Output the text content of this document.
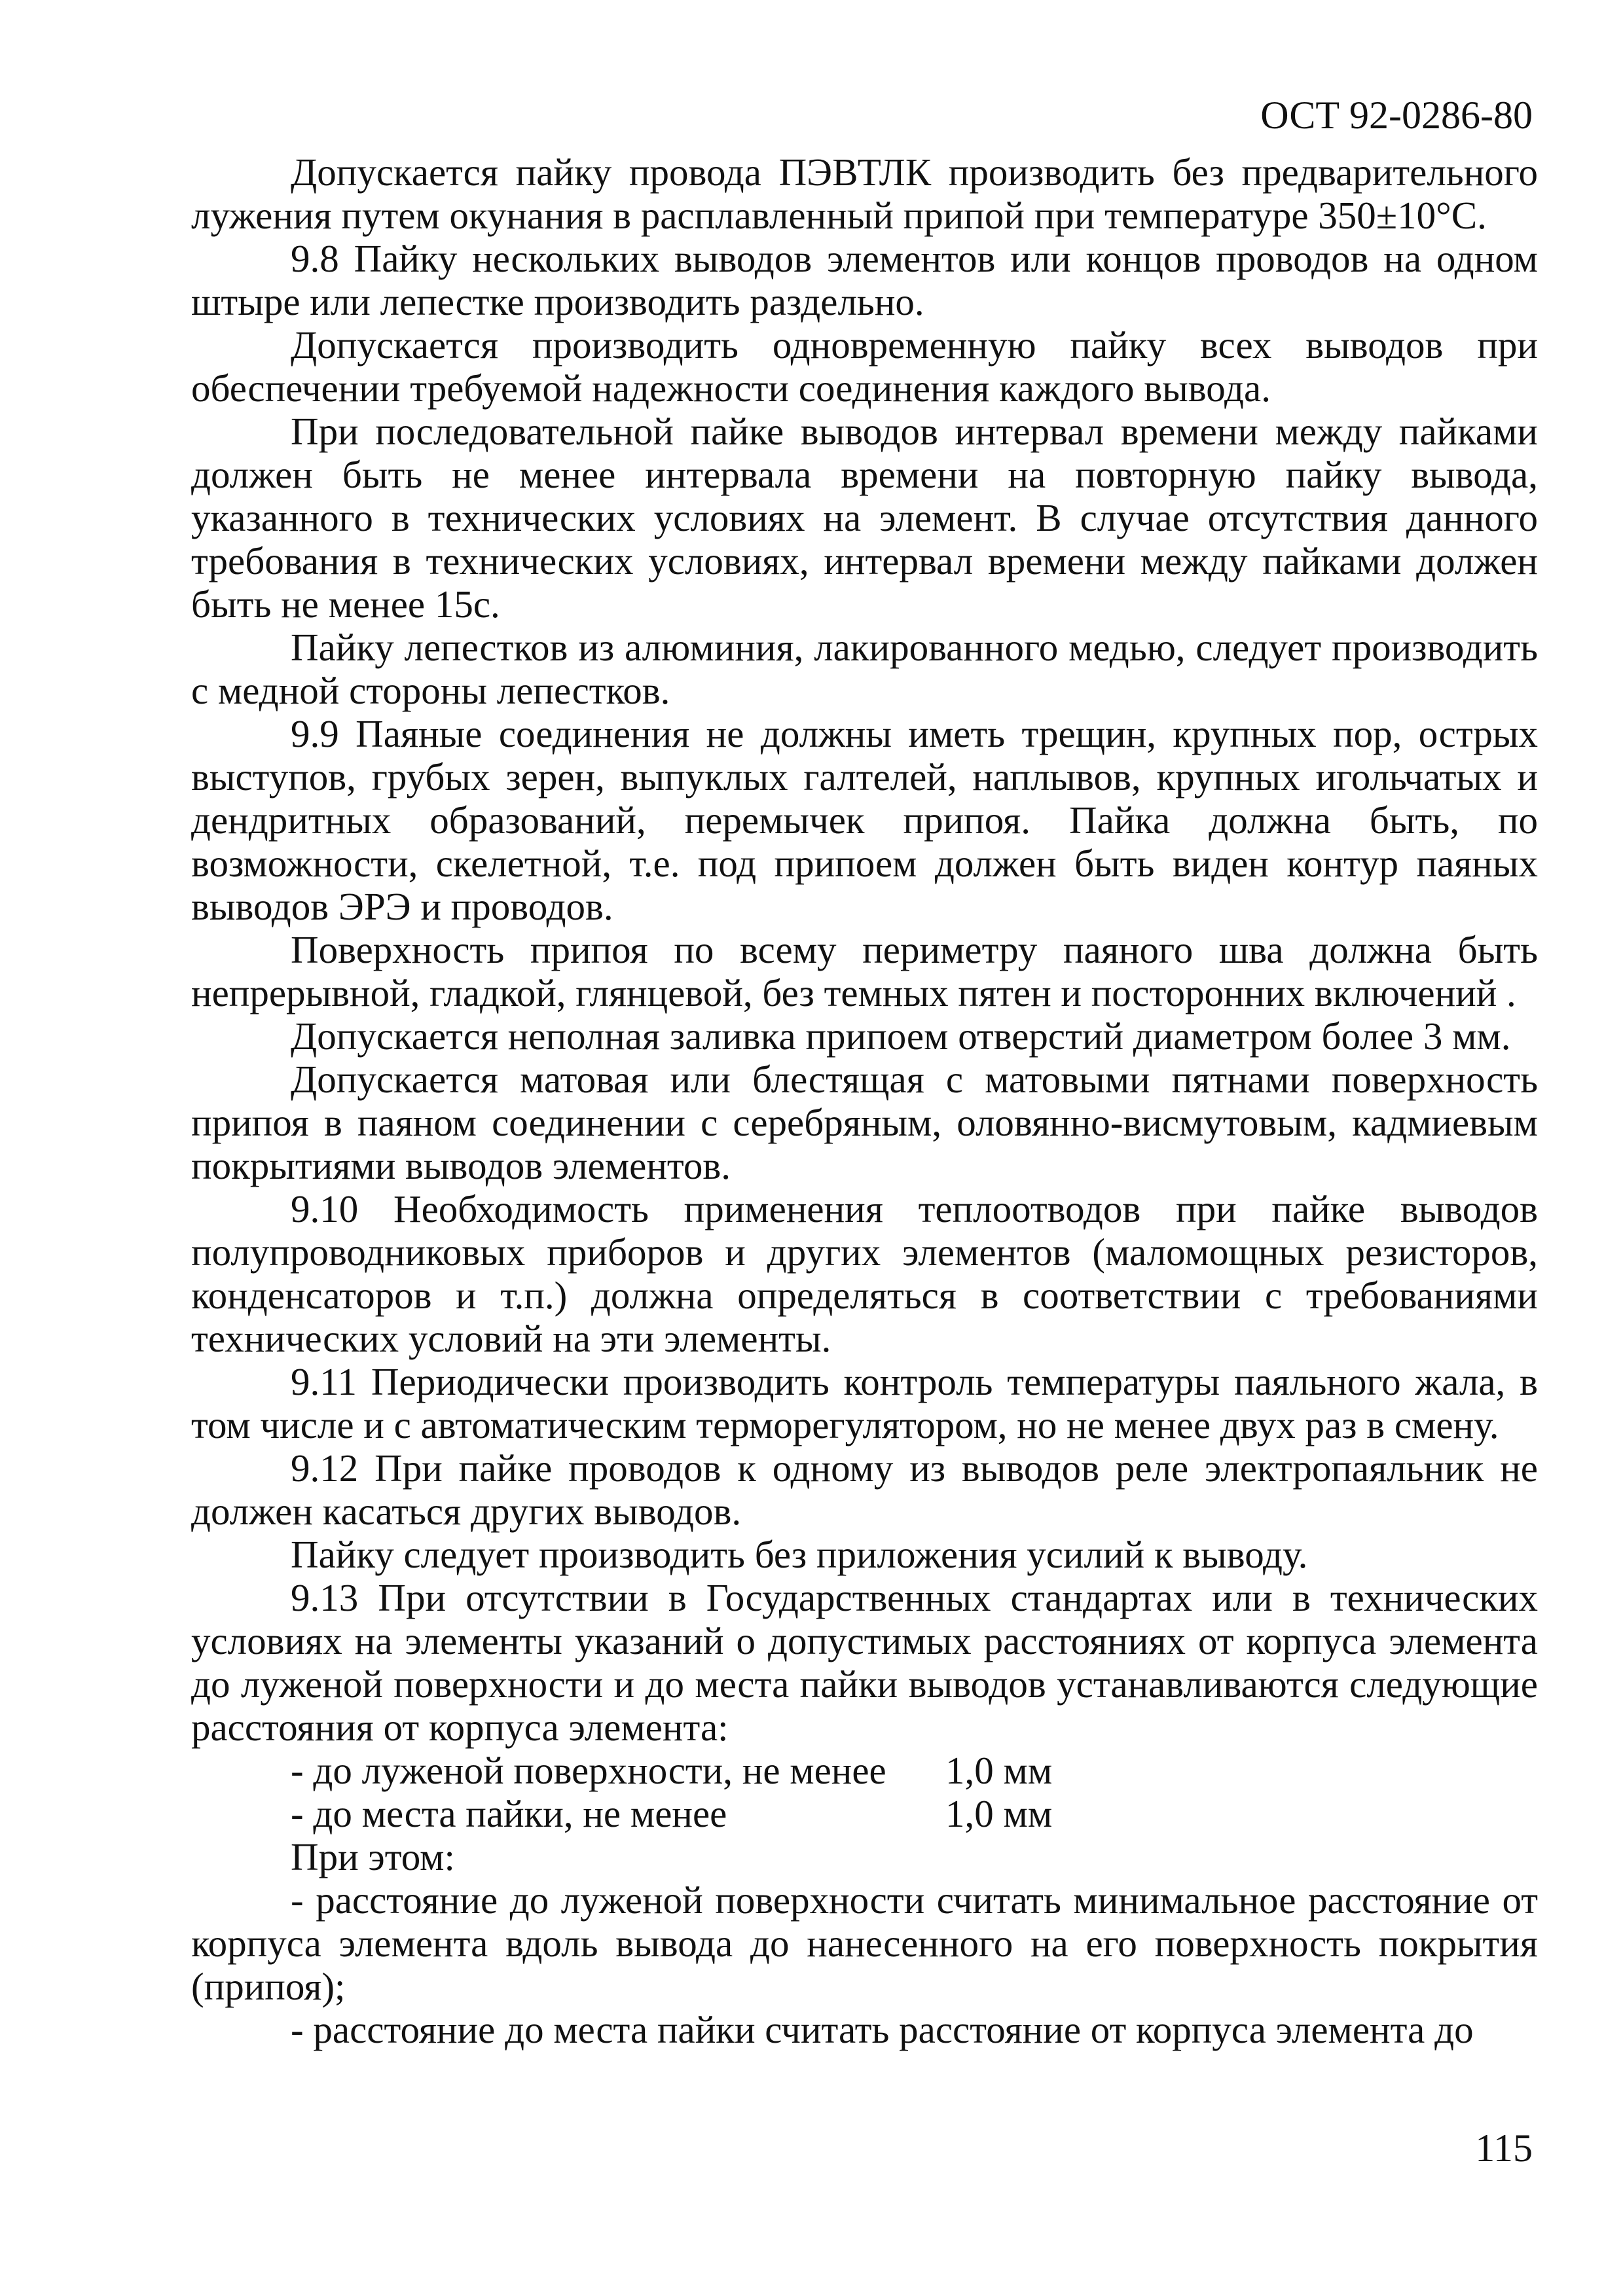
ОСТ 92-0286-80

Допускается пайку провода ПЭВТЛК производить без предварительного лужения путем окунания в расплавленный припой при температуре 350±10°С.

9.8 Пайку нескольких выводов элементов или концов проводов на одном штыре или лепестке производить раздельно.

Допускается производить одновременную пайку всех выводов при обеспечении требуемой надежности соединения каждого вывода.

При последовательной пайке выводов интервал времени между пайками должен быть не менее интервала времени на повторную пайку вывода, указанного в технических условиях на элемент. В случае отсутствия данного требования в технических условиях, интервал времени между пайками должен быть не менее 15с.

Пайку лепестков из алюминия, лакированного медью, следует производить с медной стороны лепестков.

9.9 Паяные соединения не должны иметь трещин, крупных пор, острых выступов, грубых зерен, выпуклых галтелей, наплывов, крупных игольчатых и дендритных образований, перемычек припоя. Пайка должна быть, по возможности, скелетной, т.е. под припоем должен быть виден контур паяных выводов ЭРЭ и проводов.

Поверхность припоя по всему периметру паяного шва должна быть непрерывной, гладкой, глянцевой, без темных пятен и посторонних включений .

Допускается неполная заливка припоем отверстий диаметром более 3 мм.

Допускается матовая или блестящая с матовыми пятнами поверхность припоя в паяном соединении с серебряным, оловянно-висмутовым, кадмиевым покрытиями выводов элементов.

9.10 Необходимость применения теплоотводов при пайке выводов полупроводниковых приборов и других элементов (маломощных резисторов, конденсаторов и т.п.) должна определяться в соответствии с требованиями технических условий на эти элементы.

9.11 Периодически производить контроль температуры паяльного жала, в том числе и с автоматическим терморегулятором, но не менее двух раз в смену.

9.12 При пайке проводов к одному из выводов реле электропаяльник не должен касаться других выводов.

Пайку следует производить без приложения усилий к выводу.

9.13 При отсутствии в Государственных стандартах или в технических условиях на элементы указаний о допустимых расстояниях от корпуса элемента до луженой поверхности и до места пайки выводов устанавливаются следующие расстояния от корпуса элемента:

- до луженой поверхности, не менее	1,0 мм
- до места пайки, не менее	1,0 мм

При этом:

- расстояние до луженой поверхности считать минимальное расстояние от корпуса элемента вдоль вывода до нанесенного на его поверхность покрытия (припоя);

- расстояние до места пайки считать расстояние от корпуса элемента до

115
